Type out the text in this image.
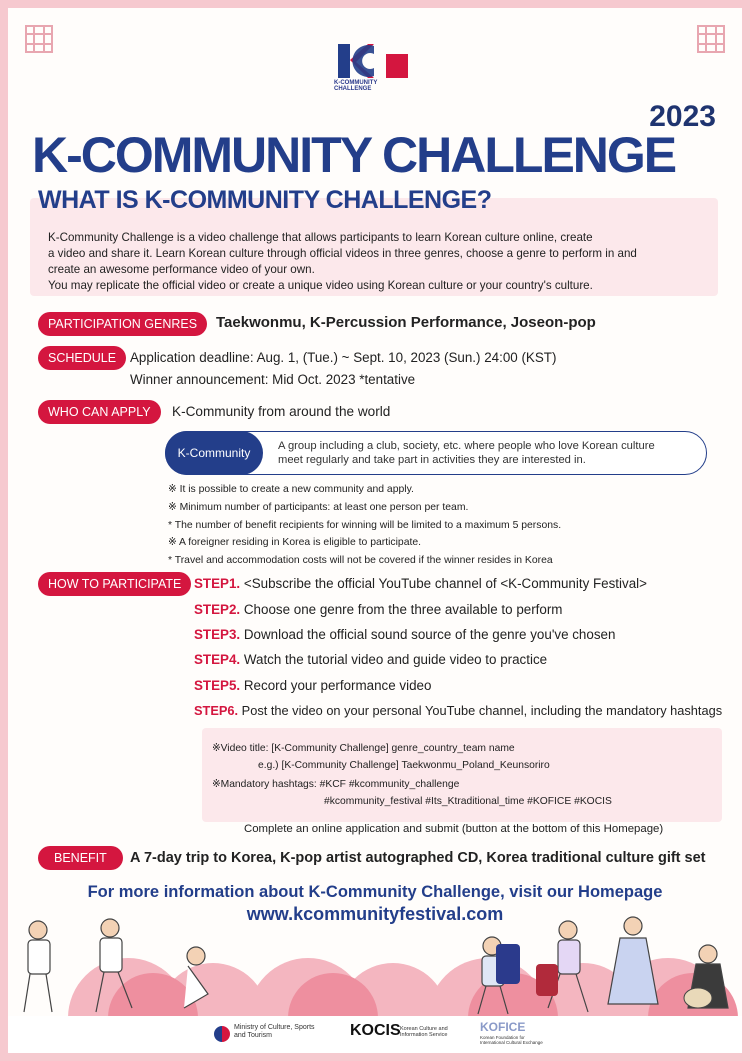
K-COMMUNITY
CHALLENGE
2023
K-COMMUNITY CHALLENGE

K-Community Challenge is a video challenge that allows participants to learn Korean culture online, create
a video and share it. Learn Korean culture through official videos in three genres, choose a genre to perform in and
create an awesome performance video of your own.
You may replicate the official video or create a unique video using Korean culture or your country's culture.

WHAT IS K-COMMUNITY CHALLENGE?
PARTICIPATION GENRES	Taekwonmu, K-Percussion Performance, Joseon-pop
SCHEDULE	Application deadline: Aug. 1, (Tue.) ~ Sept. 10, 2023 (Sun.) 24:00 (KST)
Winner announcement: Mid Oct. 2023 *tentative
WHO CAN APPLY	K-Community from around the world
K-Community	A group including a club, society, etc. where people who love Korean culture
meet regularly and take part in activities they are interested in.
※ It is possible to create a new community and apply.
※ Minimum number of participants: at least one person per team.
* The number of benefit recipients for winning will be limited to a maximum 5 persons.
※ A foreigner residing in Korea is eligible to participate.
* Travel and accommodation costs will not be covered if the winner resides in Korea
HOW TO PARTICIPATE STEP1. <Subscribe the official YouTube channel of <K-Community Festival>
STEP2. Choose one genre from the three available to perform
STEP3. Download the official sound source of the genre you've chosen
STEP4. Watch the tutorial video and guide video to practice
STEP5. Record your performance video
STEP6. Post the video on your personal YouTube channel, including the mandatory hashtags
※Video title: [K-Community Challenge] genre_country_team name
e.g.) [K-Community Challenge] Taekwonmu_Poland_Keunsoriro
※Mandatory hashtags: #KCF #kcommunity_challenge
#kcommunity_festival #Its_Ktraditional_time #KOFICE #KOCIS
Complete an online application and submit (button at the bottom of this Homepage)
BENEFIT	A 7-day trip to Korea, K-pop artist autographed CD, Korea traditional culture gift set
For more information about K-Community Challenge, visit our Homepage
www.kcommunityfestival.com
Ministry of Culture, Sports
and Tourism	KOCIS Korean Culture and
Information Service
KOFICE
Korean Foundation for
International Cultural Exchange
